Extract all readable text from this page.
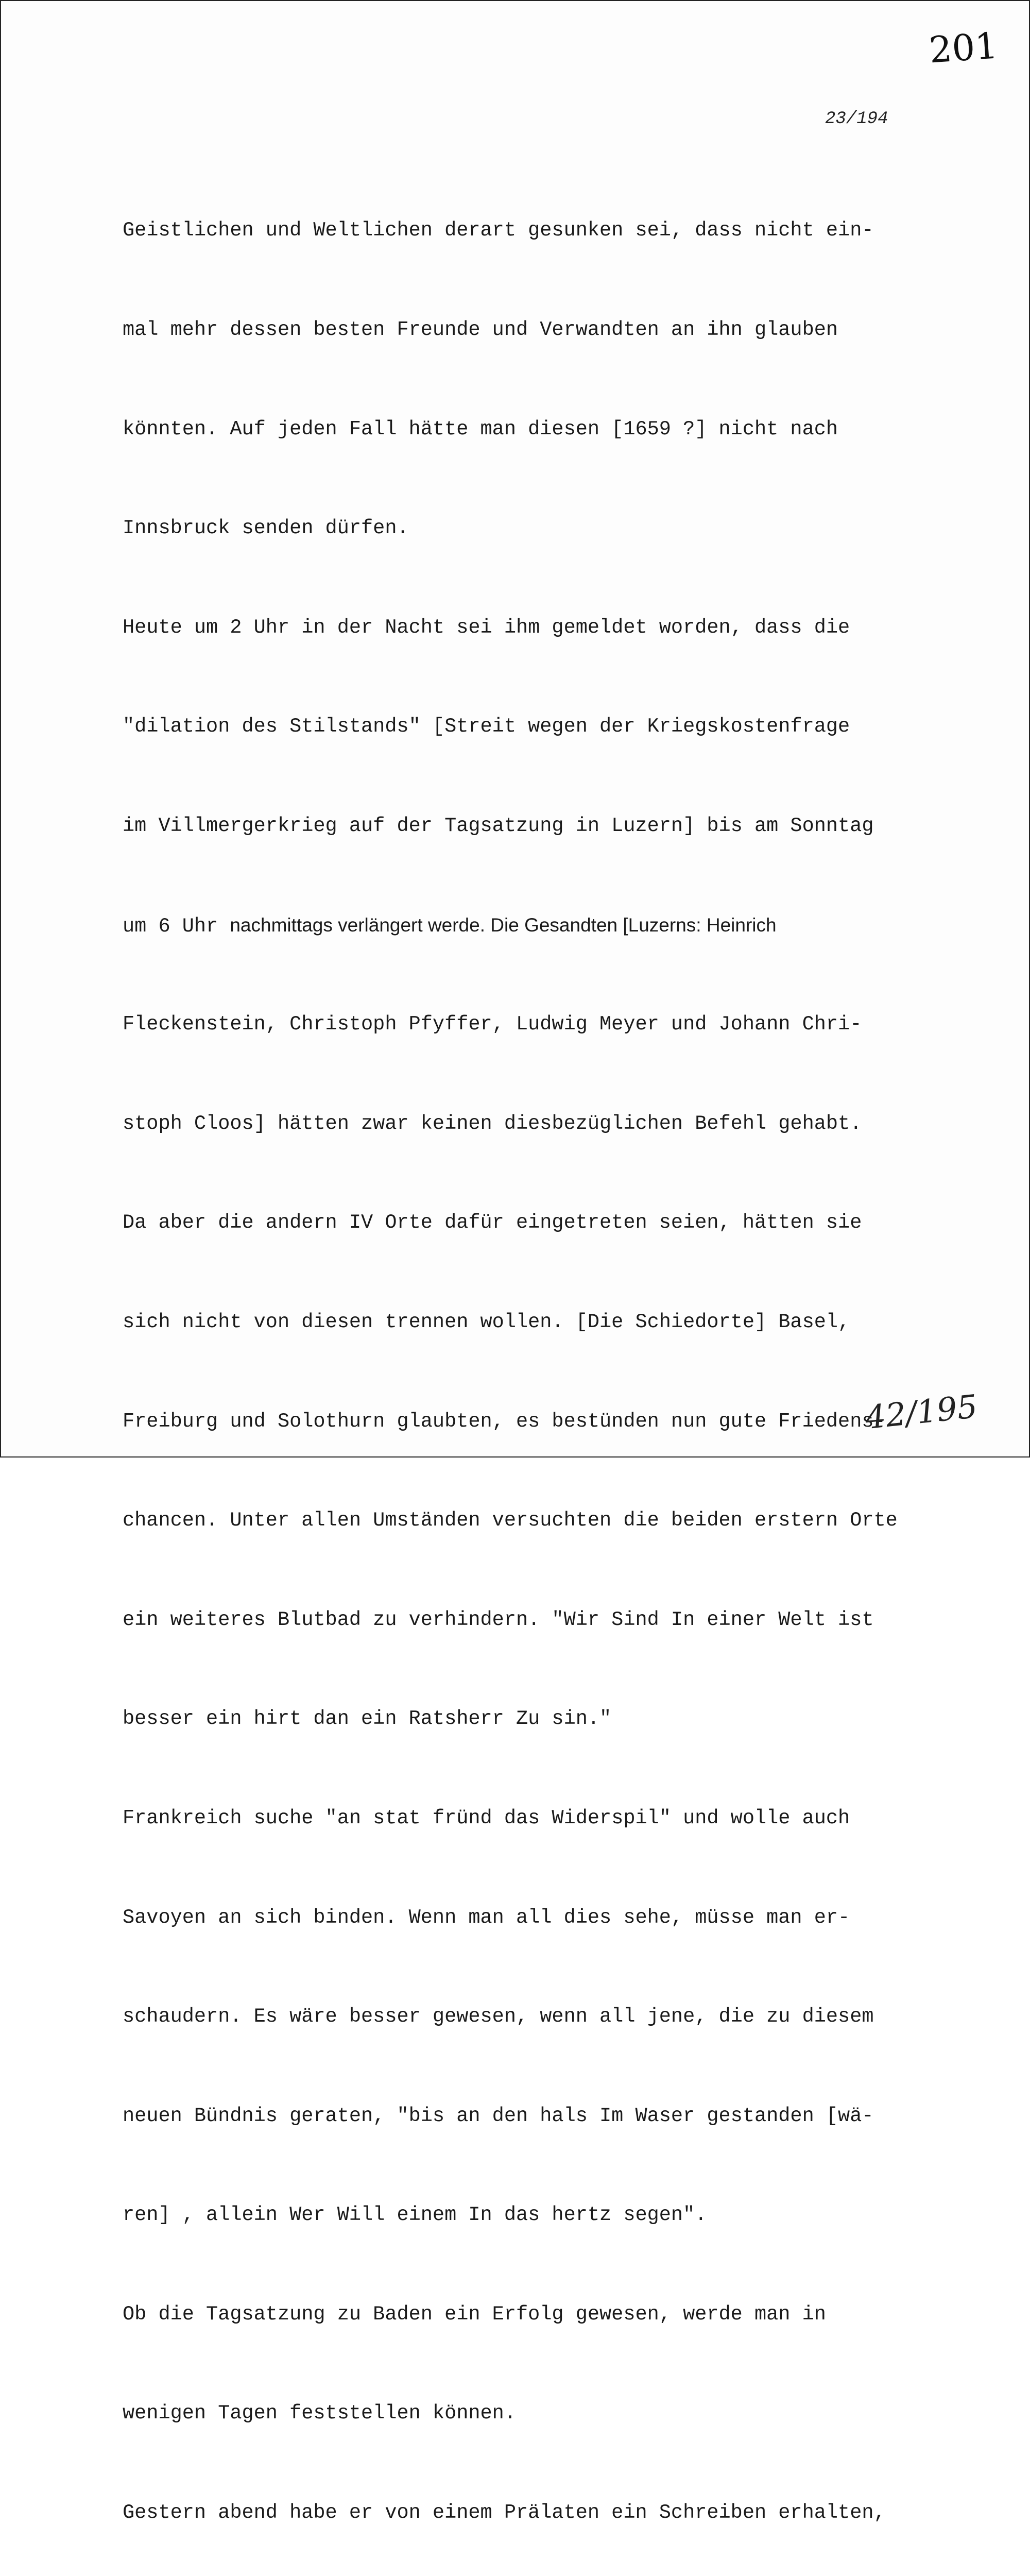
201
23/194

Geistlichen und Weltlichen derart gesunken sei, dass nicht ein-

mal mehr dessen besten Freunde und Verwandten an ihn glauben

könnten. Auf jeden Fall hätte man diesen [1659 ?] nicht nach

Innsbruck senden dürfen.

Heute um 2 Uhr in der Nacht sei ihm gemeldet worden, dass die

"dilation des Stilstands" [Streit wegen der Kriegskostenfrage

im Villmergerkrieg auf der Tagsatzung in Luzern] bis am Sonntag

um 6 Uhr nachmittags verlängert werde. Die Gesandten [Luzerns: Heinrich

Fleckenstein, Christoph Pfyffer, Ludwig Meyer und Johann Chri-

stoph Cloos] hätten zwar keinen diesbezüglichen Befehl gehabt.

Da aber die andern IV Orte dafür eingetreten seien, hätten sie

sich nicht von diesen trennen wollen. [Die Schiedorte] Basel,

Freiburg und Solothurn glaubten, es bestünden nun gute Friedens-

chancen. Unter allen Umständen versuchten die beiden erstern Orte

ein weiteres Blutbad zu verhindern. "Wir Sind In einer Welt ist

besser ein hirt dan ein Ratsherr Zu sin."

Frankreich suche "an stat fründ das Widerspil" und wolle auch

Savoyen an sich binden. Wenn man all dies sehe, müsse man er-

schaudern. Es wäre besser gewesen, wenn all jene, die zu diesem

neuen Bündnis geraten, "bis an den hals Im Waser gestanden [wä-

ren] , allein Wer Will einem In das hertz segen".

Ob die Tagsatzung zu Baden ein Erfolg gewesen, werde man in

wenigen Tagen feststellen können.

Gestern abend habe er von einem Prälaten ein Schreiben erhalten,

42/195
